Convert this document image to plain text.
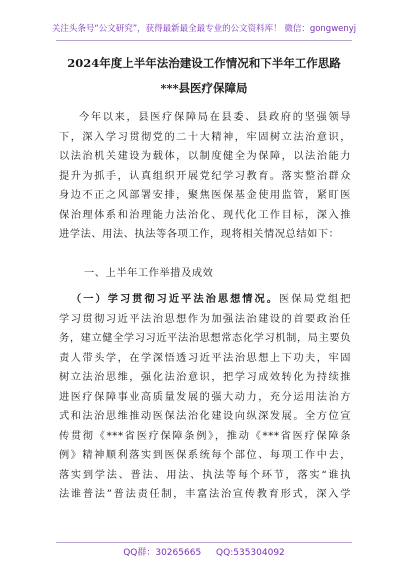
关注头条号“公文研究”，获得最新最全最专业的公文资料库！ 微信：gongwenyj
2024年度上半年法治建设工作情况和下半年工作思路
***县医疗保障局
今年以来，县医疗保障局在县委、县政府的坚强领导
下，深入学习贯彻党的二十大精神，牢固树立法治意识，
以法治机关建设为载体，以制度健全为保障，以法治能力
提升为抓手，认真组织开展党纪学习教育。落实整治群众
身边不正之风部署安排，聚焦医保基金使用监管，紧盯医
保治理体系和治理能力法治化、现代化工作目标，深入推
进学法、用法、执法等各项工作，现将相关情况总结如下：
一、上半年工作举措及成效
（一）学习贯彻习近平法治思想情况。医保局党组把
学习贯彻习近平法治思想作为加强法治建设的首要政治任
务，建立健全学习习近平法治思想常态化学习机制，局主要负
责人带头学，在学深悟透习近平法治思想上下功夫，牢固
树立法治思维，强化法治意识，把学习成效转化为持续推
进医疗保障事业高质量发展的强大动力，充分运用法治方
式和法治思维推动医保法治化建设向纵深发展。全方位宣
传贯彻《***省医疗保障条例》，推动《***省医疗保障条
例》精神顺利落实到医保系统每个部位、每项工作中去，
落实到学法、普法、用法、执法等每个环节，落实“谁执
法谁普法”普法责任制，丰富法治宣传教育形式，深入学
QQ群：30265665 QQ:535304092
